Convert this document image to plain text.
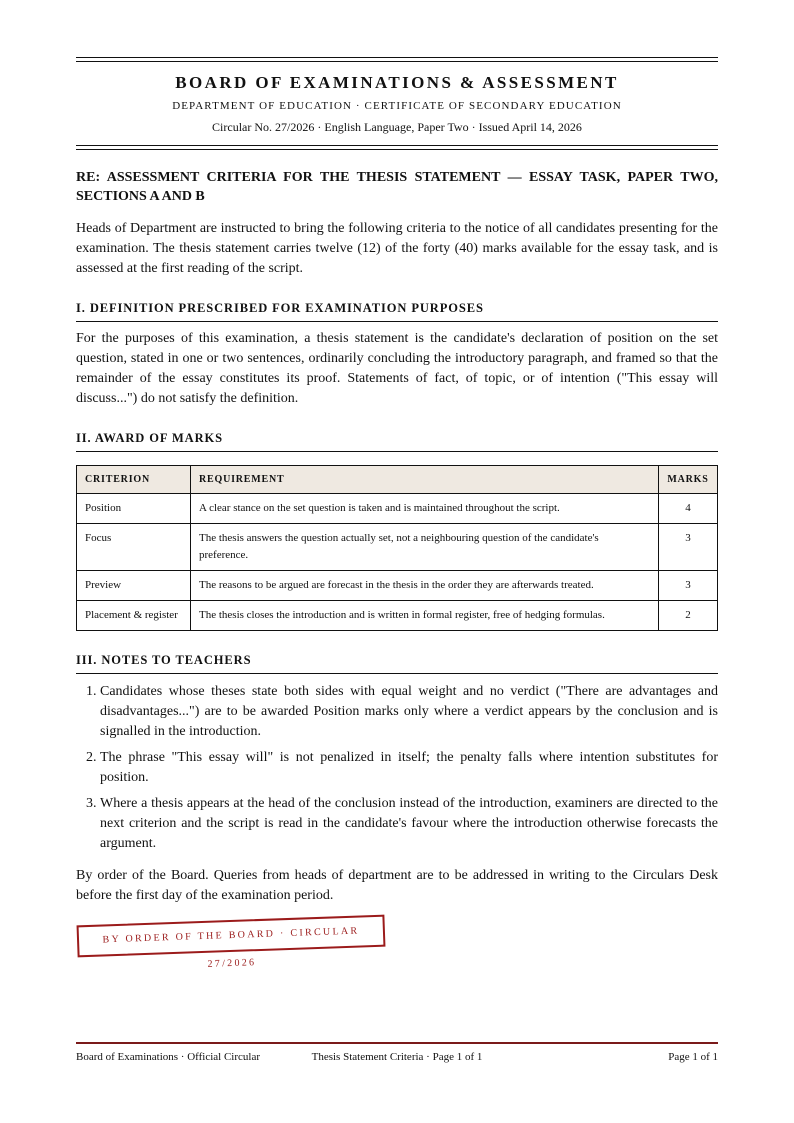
BOARD OF EXAMINATIONS & ASSESSMENT
DEPARTMENT OF EDUCATION · CERTIFICATE OF SECONDARY EDUCATION
Circular No. 27/2026 · English Language, Paper Two · Issued April 14, 2026
RE: ASSESSMENT CRITERIA FOR THE THESIS STATEMENT — ESSAY TASK, PAPER TWO, SECTIONS A AND B

Heads of Department are instructed to bring the following criteria to the notice of all candidates presenting for the examination. The thesis statement carries twelve (12) of the forty (40) marks available for the essay task, and is assessed at the first reading of the script.

I. DEFINITION PRESCRIBED FOR EXAMINATION PURPOSES

For the purposes of this examination, a thesis statement is the candidate's declaration of position on the set question, stated in one or two sentences, ordinarily concluding the introductory paragraph, and framed so that the remainder of the essay constitutes its proof. Statements of fact, of topic, or of intention ("This essay will discuss...") do not satisfy the definition.

II. AWARD OF MARKS
CRITERION	REQUIREMENT	MARKS
Position	A clear stance on the set question is taken and is maintained throughout the script.	4
Focus	The thesis answers the question actually set, not a neighbouring question of the candidate's preference.	3
Preview	The reasons to be argued are forecast in the thesis in the order they are afterwards treated.	3
Placement & register	The thesis closes the introduction and is written in formal register, free of hedging formulas.	2
III. NOTES TO TEACHERS
1. Candidates whose theses state both sides with equal weight and no verdict ("There are advantages and disadvantages...") are to be awarded Position marks only where a verdict appears by the conclusion and is signalled in the introduction.
2. The phrase "This essay will" is not penalized in itself; the penalty falls where intention substitutes for position.
3. Where a thesis appears at the head of the conclusion instead of the introduction, examiners are directed to the next criterion and the script is read in the candidate's favour where the introduction otherwise forecasts the argument.

By order of the Board. Queries from heads of department are to be addressed in writing to the Circulars Desk before the first day of the examination period.

BY ORDER OF THE BOARD · CIRCULAR 27/2026
Board of Examinations · Official Circular	Thesis Statement Criteria · Page 1 of 1	Page 1 of 1
